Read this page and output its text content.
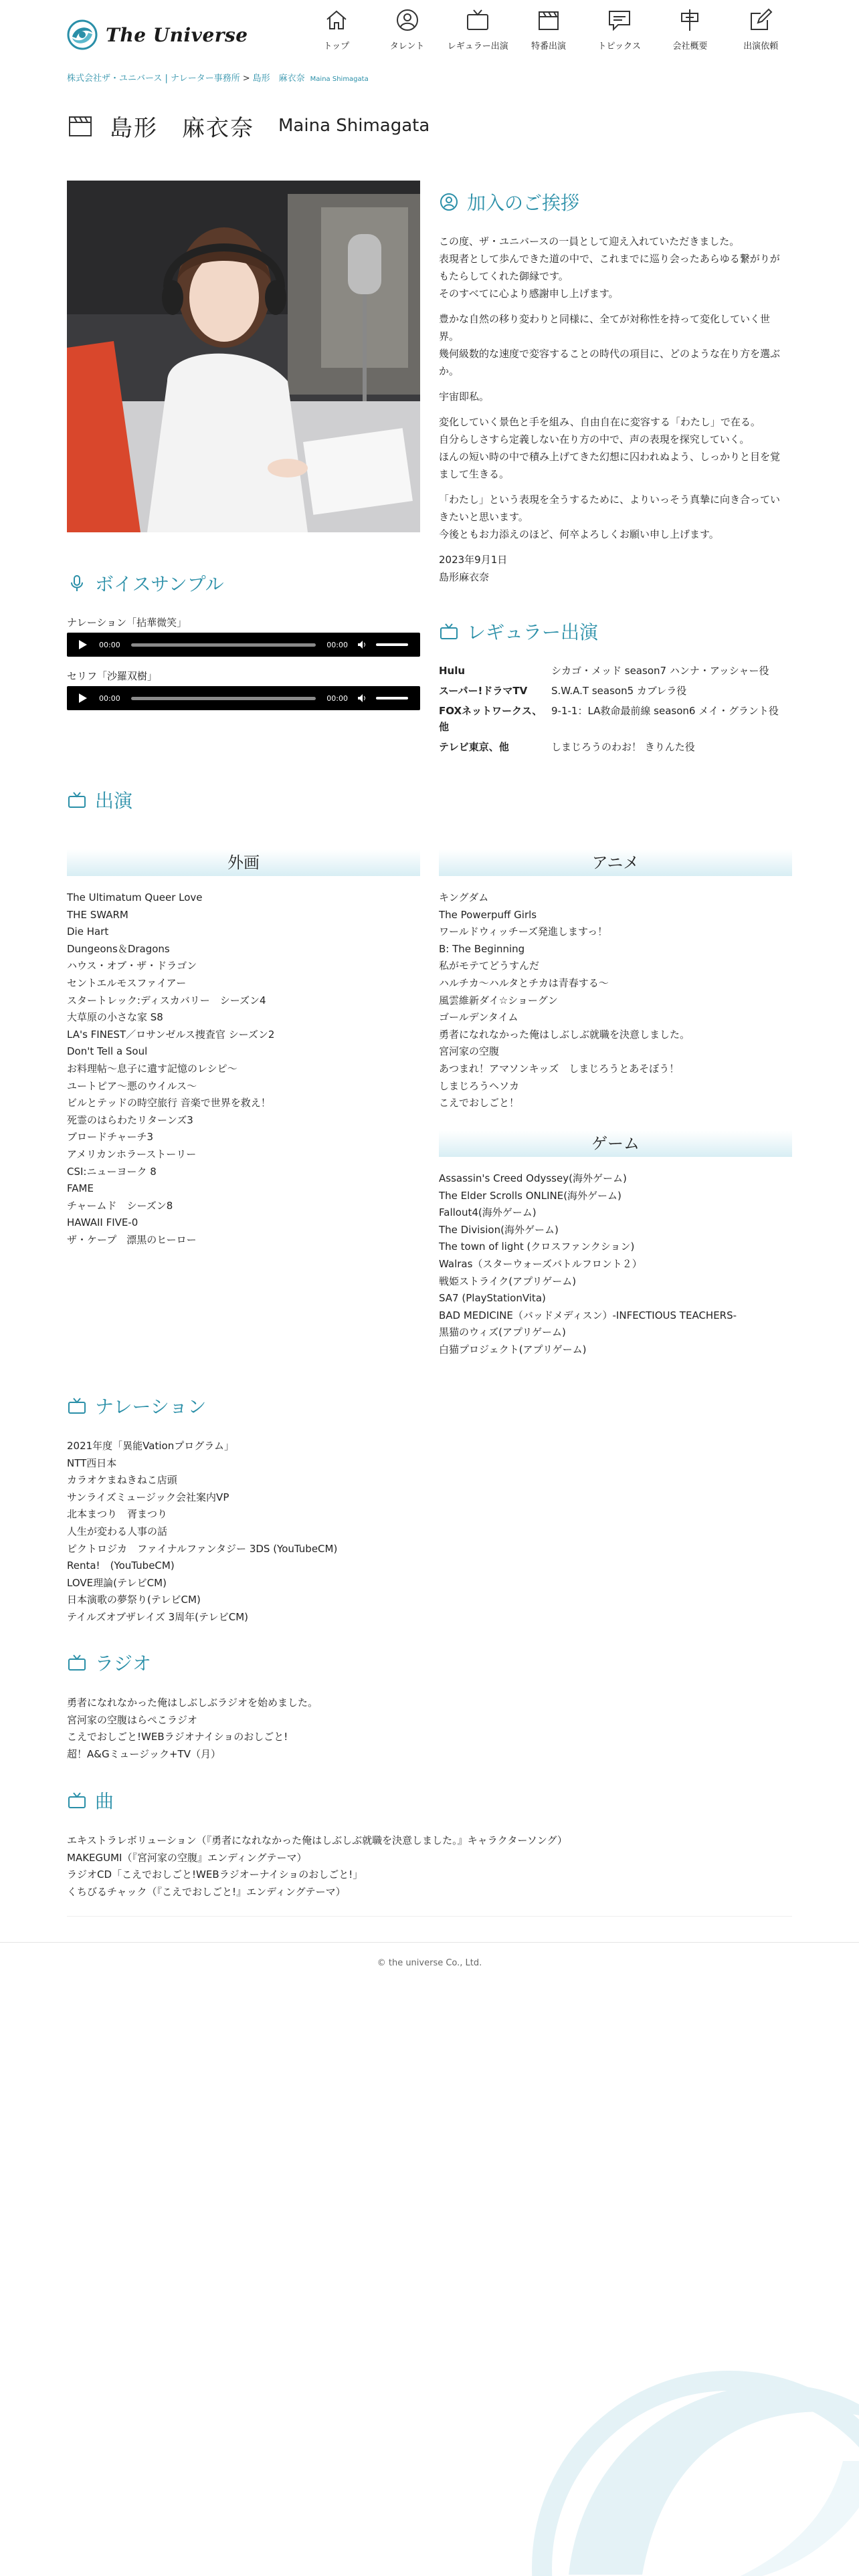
The Universe
トップ	タレント	レギュラー出演	特番出演	トピックス	会社概要	出演依頼
株式会社ザ・ユニバース | ナレーター事務所 > 島形　麻衣奈 Maina Shimagata
島形　麻衣奈 Maina Shimagata
加入のご挨拶

この度、ザ・ユニバースの一員として迎え入れていただきました。
表現者として歩んできた道の中で、これまでに巡り会ったあらゆる繋がりがもたらしてくれた御縁です。
そのすべてに心より感謝申し上げます。

豊かな自然の移り変わりと同様に、全てが対称性を持って変化していく世界。
幾何級数的な速度で変容することの時代の項目に、どのような在り方を選ぶか。

宇宙即私。

変化していく景色と手を組み、自由自在に変容する「わたし」で在る。
自分らしさすら定義しない在り方の中で、声の表現を探究していく。
ほんの短い時の中で積み上げてきた幻想に囚われぬよう、しっかりと目を覚まして生きる。

「わたし」という表現を全うするために、よりいっそう真摯に向き合っていきたいと思います。
今後ともお力添えのほど、何卒よろしくお願い申し上げます。

2023年9月1日
島形麻衣奈

ボイスサンプル
ナレーション「拈華微笑」
00:00	00:00
セリフ「沙羅双樹」
00:00	00:00
レギュラー出演
Hulu	シカゴ・メッド season7 ハンナ・アッシャー役
スーパー!ドラマTV	S.W.A.T season5 カブレラ役
FOXネットワークス、他	9-1-1：LA救命最前線 season6 メイ・グラント役
テレビ東京、他	しまじろうのわお！ きりんた役
出演
外画	アニメ
The Ultimatum Queer Love
THE SWARM
Die Hart
Dungeons＆Dragons
ハウス・オブ・ザ・ドラゴン
セントエルモスファイアー
スタートレック:ディスカバリー　シーズン4
大草原の小さな家 S8
LA's FINEST／ロサンゼルス捜査官 シーズン2
Don't Tell a Soul
お料理帖〜息子に遺す記憶のレシピ〜
ユートピア〜悪のウイルス〜
ビルとテッドの時空旅行 音楽で世界を救え！
死霊のはらわたリターンズ3
ブロードチャーチ3
アメリカンホラーストーリー
CSI:ニューヨーク 8
FAME
チャームド　シーズン8
HAWAII FIVE-0
ザ・ケープ　漂黒のヒーロー
キングダム
The Powerpuff Girls
ワールドウィッチーズ発進しますっ！
B: The Beginning
私がモテてどうすんだ
ハルチカ〜ハルタとチカは青春する〜
風雲維新ダイ☆ショーグン
ゴールデンタイム
勇者になれなかった俺はしぶしぶ就職を決意しました。
宮河家の空腹
あつまれ！アマソンキッズ　しまじろうとあそぼう！
しまじろうヘソカ
こえでおしごと！
ゲーム
Assassin's Creed Odyssey(海外ゲーム)
The Elder Scrolls ONLINE(海外ゲーム)
Fallout4(海外ゲーム)
The Division(海外ゲーム)
The town of light (クロスファンクション)
Walras（スターウォーズバトルフロント２）
戦姫ストライク(アプリゲーム)
SA7 (PlayStationVita)
BAD MEDICINE（バッドメディスン）-INFECTIOUS TEACHERS-
黒猫のウィズ(アプリゲーム)
白猫プロジェクト(アプリゲーム)
ナレーション
2021年度「異能Vationプログラム」
NTT西日本
カラオケまねきねこ店頭
サンライズミュージック会社案内VP
北本まつり　胥まつり
人生が変わる人事の話
ピクトロジカ　ファイナルファンタジー 3DS (YouTubeCM)
Renta!　(YouTubeCM)
LOVE理論(テレビCM)
日本演歌の夢祭り(テレビCM)
テイルズオブザレイズ 3周年(テレビCM)
ラジオ
勇者になれなかった俺はしぶしぶラジオを始めました。
宮河家の空腹はらぺこラジオ
こえでおしごと!WEBラジオナイショのおしごと!
超！A&Gミュージック+TV（月）
曲
エキストラレボリューション（『勇者になれなかった俺はしぶしぶ就職を決意しました。』キャラクターソング）
MAKEGUMI（『宮河家の空腹』エンディングテーマ）
ラジオCD「こえでおしごと!WEBラジオーナイショのおしごと!」
くちびるチャック（『こえでおしごと!』エンディングテーマ）
© the universe Co., Ltd.
